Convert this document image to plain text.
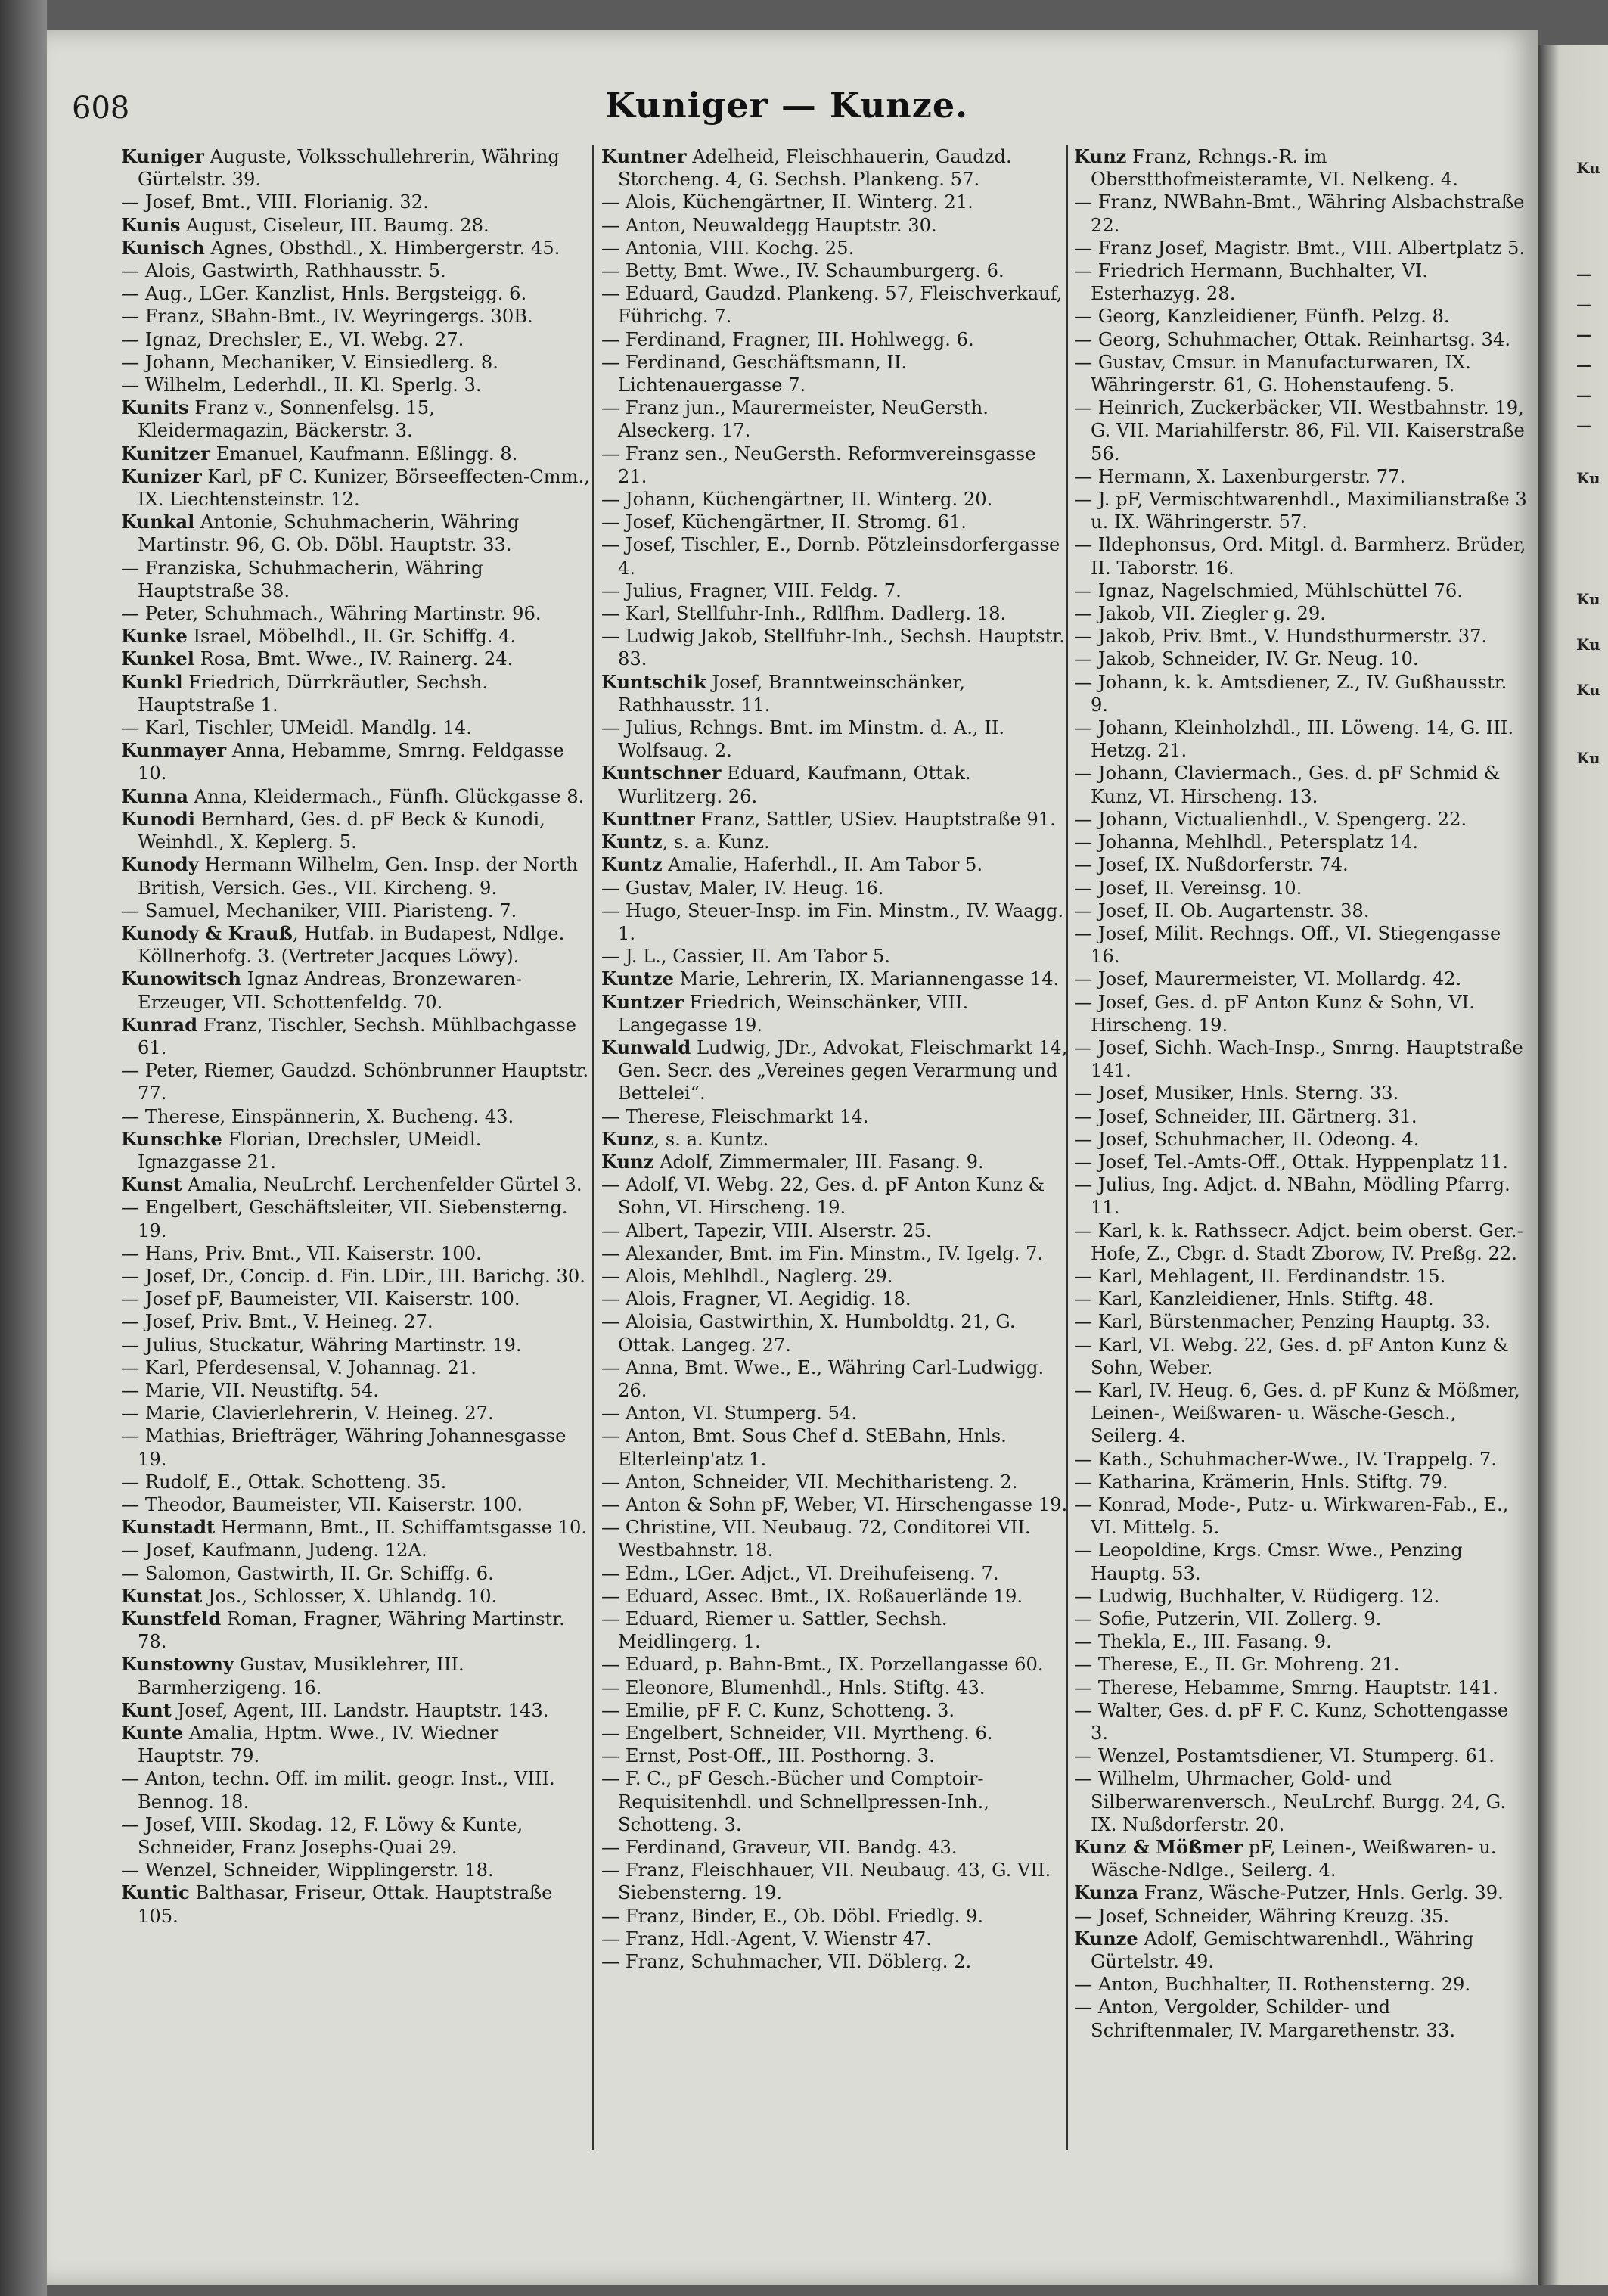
Ku
—
—
—
—
—
—
Ku
Ku
Ku
Ku
Ku
608	Kuniger — Kunze.

Kuniger Auguste, Volksschullehrerin, Währing Gürtelstr. 39.

— Josef, Bmt., VIII. Florianig. 32.

Kunis August, Ciseleur, III. Baumg. 28.

Kunisch Agnes, Obsthdl., X. Himbergerstr. 45.

— Alois, Gastwirth, Rathhausstr. 5.

— Aug., LGer. Kanzlist, Hnls. Bergsteigg. 6.

— Franz, SBahn-Bmt., IV. Weyringergs. 30B.

— Ignaz, Drechsler, E., VI. Webg. 27.

— Johann, Mechaniker, V. Einsiedlerg. 8.

— Wilhelm, Lederhdl., II. Kl. Sperlg. 3.

Kunits Franz v., Sonnenfelsg. 15, Kleidermagazin, Bäckerstr. 3.

Kunitzer Emanuel, Kaufmann. Eßlingg. 8.

Kunizer Karl, pF C. Kunizer, Börseeffecten-Cmm., IX. Liechtensteinstr. 12.

Kunkal Antonie, Schuhmacherin, Währing Martinstr. 96, G. Ob. Döbl. Hauptstr. 33.

— Franziska, Schuhmacherin, Währing Hauptstraße 38.

— Peter, Schuhmach., Währing Martinstr. 96.

Kunke Israel, Möbelhdl., II. Gr. Schiffg. 4.

Kunkel Rosa, Bmt. Wwe., IV. Rainerg. 24.

Kunkl Friedrich, Dürrkräutler, Sechsh. Hauptstraße 1.

— Karl, Tischler, UMeidl. Mandlg. 14.

Kunmayer Anna, Hebamme, Smrng. Feldgasse 10.

Kunna Anna, Kleidermach., Fünfh. Glückgasse 8.

Kunodi Bernhard, Ges. d. pF Beck & Kunodi, Weinhdl., X. Keplerg. 5.

Kunody Hermann Wilhelm, Gen. Insp. der North British, Versich. Ges., VII. Kircheng. 9.

— Samuel, Mechaniker, VIII. Piaristeng. 7.

Kunody & Krauß, Hutfab. in Budapest, Ndlge. Köllnerhofg. 3. (Vertreter Jacques Löwy).

Kunowitsch Ignaz Andreas, Bronzewaren-Erzeuger, VII. Schottenfeldg. 70.

Kunrad Franz, Tischler, Sechsh. Mühlbachgasse 61.

— Peter, Riemer, Gaudzd. Schönbrunner Hauptstr. 77.

— Therese, Einspännerin, X. Bucheng. 43.

Kunschke Florian, Drechsler, UMeidl. Ignazgasse 21.

Kunst Amalia, NeuLrchf. Lerchenfelder Gürtel 3.

— Engelbert, Geschäftsleiter, VII. Siebensterng. 19.

— Hans, Priv. Bmt., VII. Kaiserstr. 100.

— Josef, Dr., Concip. d. Fin. LDir., III. Barichg. 30.

— Josef pF, Baumeister, VII. Kaiserstr. 100.

— Josef, Priv. Bmt., V. Heineg. 27.

— Julius, Stuckatur, Währing Martinstr. 19.

— Karl, Pferdesensal, V. Johannag. 21.

— Marie, VII. Neustiftg. 54.

— Marie, Clavierlehrerin, V. Heineg. 27.

— Mathias, Briefträger, Währing Johannesgasse 19.

— Rudolf, E., Ottak. Schotteng. 35.

— Theodor, Baumeister, VII. Kaiserstr. 100.

Kunstadt Hermann, Bmt., II. Schiffamtsgasse 10.

— Josef, Kaufmann, Judeng. 12A.

— Salomon, Gastwirth, II. Gr. Schiffg. 6.

Kunstat Jos., Schlosser, X. Uhlandg. 10.

Kunstfeld Roman, Fragner, Währing Martinstr. 78.

Kunstowny Gustav, Musiklehrer, III. Barmherzigeng. 16.

Kunt Josef, Agent, III. Landstr. Hauptstr. 143.

Kunte Amalia, Hptm. Wwe., IV. Wiedner Hauptstr. 79.

— Anton, techn. Off. im milit. geogr. Inst., VIII. Bennog. 18.

— Josef, VIII. Skodag. 12, F. Löwy & Kunte, Schneider, Franz Josephs-Quai 29.

— Wenzel, Schneider, Wipplingerstr. 18.

Kuntic Balthasar, Friseur, Ottak. Hauptstraße 105.

Kuntner Adelheid, Fleischhauerin, Gaudzd. Storcheng. 4, G. Sechsh. Plankeng. 57.

— Alois, Küchengärtner, II. Winterg. 21.

— Anton, Neuwaldegg Hauptstr. 30.

— Antonia, VIII. Kochg. 25.

— Betty, Bmt. Wwe., IV. Schaumburgerg. 6.

— Eduard, Gaudzd. Plankeng. 57, Fleischverkauf, Führichg. 7.

— Ferdinand, Fragner, III. Hohlwegg. 6.

— Ferdinand, Geschäftsmann, II. Lichtenauergasse 7.

— Franz jun., Maurermeister, NeuGersth. Alseckerg. 17.

— Franz sen., NeuGersth. Reformvereinsgasse 21.

— Johann, Küchengärtner, II. Winterg. 20.

— Josef, Küchengärtner, II. Stromg. 61.

— Josef, Tischler, E., Dornb. Pötzleinsdorfergasse 4.

— Julius, Fragner, VIII. Feldg. 7.

— Karl, Stellfuhr-Inh., Rdlfhm. Dadlerg. 18.

— Ludwig Jakob, Stellfuhr-Inh., Sechsh. Hauptstr. 83.

Kuntschik Josef, Branntweinschänker, Rathhausstr. 11.

— Julius, Rchngs. Bmt. im Minstm. d. A., II. Wolfsaug. 2.

Kuntschner Eduard, Kaufmann, Ottak. Wurlitzerg. 26.

Kunttner Franz, Sattler, USiev. Hauptstraße 91.

Kuntz, s. a. Kunz.

Kuntz Amalie, Haferhdl., II. Am Tabor 5.

— Gustav, Maler, IV. Heug. 16.

— Hugo, Steuer-Insp. im Fin. Minstm., IV. Waagg. 1.

— J. L., Cassier, II. Am Tabor 5.

Kuntze Marie, Lehrerin, IX. Mariannengasse 14.

Kuntzer Friedrich, Weinschänker, VIII. Langegasse 19.

Kunwald Ludwig, JDr., Advokat, Fleischmarkt 14, Gen. Secr. des „Vereines gegen Verarmung und Bettelei“.

— Therese, Fleischmarkt 14.

Kunz, s. a. Kuntz.

Kunz Adolf, Zimmermaler, III. Fasang. 9.

— Adolf, VI. Webg. 22, Ges. d. pF Anton Kunz & Sohn, VI. Hirscheng. 19.

— Albert, Tapezir, VIII. Alserstr. 25.

— Alexander, Bmt. im Fin. Minstm., IV. Igelg. 7.

— Alois, Mehlhdl., Naglerg. 29.

— Alois, Fragner, VI. Aegidig. 18.

— Aloisia, Gastwirthin, X. Humboldtg. 21, G. Ottak. Langeg. 27.

— Anna, Bmt. Wwe., E., Währing Carl-Ludwigg. 26.

— Anton, VI. Stumperg. 54.

— Anton, Bmt. Sous Chef d. StEBahn, Hnls. Elterleinp'atz 1.

— Anton, Schneider, VII. Mechitharisteng. 2.

— Anton & Sohn pF, Weber, VI. Hirschengasse 19.

— Christine, VII. Neubaug. 72, Conditorei VII. Westbahnstr. 18.

— Edm., LGer. Adjct., VI. Dreihufeiseng. 7.

— Eduard, Assec. Bmt., IX. Roßauerlände 19.

— Eduard, Riemer u. Sattler, Sechsh. Meidlingerg. 1.

— Eduard, p. Bahn-Bmt., IX. Porzellangasse 60.

— Eleonore, Blumenhdl., Hnls. Stiftg. 43.

— Emilie, pF F. C. Kunz, Schotteng. 3.

— Engelbert, Schneider, VII. Myrtheng. 6.

— Ernst, Post-Off., III. Posthorng. 3.

— F. C., pF Gesch.-Bücher und Comptoir-Requisitenhdl. und Schnellpressen-Inh., Schotteng. 3.

— Ferdinand, Graveur, VII. Bandg. 43.

— Franz, Fleischhauer, VII. Neubaug. 43, G. VII. Siebensterng. 19.

— Franz, Binder, E., Ob. Döbl. Friedlg. 9.

— Franz, Hdl.-Agent, V. Wienstr 47.

— Franz, Schuhmacher, VII. Döblerg. 2.

Kunz Franz, Rchngs.-R. im Oberstthofmeisteramte, VI. Nelkeng. 4.

— Franz, NWBahn-Bmt., Währing Alsbachstraße 22.

— Franz Josef, Magistr. Bmt., VIII. Albertplatz 5.

— Friedrich Hermann, Buchhalter, VI. Esterhazyg. 28.

— Georg, Kanzleidiener, Fünfh. Pelzg. 8.

— Georg, Schuhmacher, Ottak. Reinhartsg. 34.

— Gustav, Cmsur. in Manufacturwaren, IX. Währingerstr. 61, G. Hohenstaufeng. 5.

— Heinrich, Zuckerbäcker, VII. Westbahnstr. 19, G. VII. Mariahilferstr. 86, Fil. VII. Kaiserstraße 56.

— Hermann, X. Laxenburgerstr. 77.

— J. pF, Vermischtwarenhdl., Maximilianstraße 3 u. IX. Währingerstr. 57.

— Ildephonsus, Ord. Mitgl. d. Barmherz. Brüder, II. Taborstr. 16.

— Ignaz, Nagelschmied, Mühlschüttel 76.

— Jakob, VII. Ziegler g. 29.

— Jakob, Priv. Bmt., V. Hundsthurmerstr. 37.

— Jakob, Schneider, IV. Gr. Neug. 10.

— Johann, k. k. Amtsdiener, Z., IV. Gußhausstr. 9.

— Johann, Kleinholzhdl., III. Löweng. 14, G. III. Hetzg. 21.

— Johann, Claviermach., Ges. d. pF Schmid & Kunz, VI. Hirscheng. 13.

— Johann, Victualienhdl., V. Spengerg. 22.

— Johanna, Mehlhdl., Petersplatz 14.

— Josef, IX. Nußdorferstr. 74.

— Josef, II. Vereinsg. 10.

— Josef, II. Ob. Augartenstr. 38.

— Josef, Milit. Rechngs. Off., VI. Stiegengasse 16.

— Josef, Maurermeister, VI. Mollardg. 42.

— Josef, Ges. d. pF Anton Kunz & Sohn, VI. Hirscheng. 19.

— Josef, Sichh. Wach-Insp., Smrng. Hauptstraße 141.

— Josef, Musiker, Hnls. Sterng. 33.

— Josef, Schneider, III. Gärtnerg. 31.

— Josef, Schuhmacher, II. Odeong. 4.

— Josef, Tel.-Amts-Off., Ottak. Hyppenplatz 11.

— Julius, Ing. Adjct. d. NBahn, Mödling Pfarrg. 11.

— Karl, k. k. Rathssecr. Adjct. beim oberst. Ger.-Hofe, Z., Cbgr. d. Stadt Zborow, IV. Preßg. 22.

— Karl, Mehlagent, II. Ferdinandstr. 15.

— Karl, Kanzleidiener, Hnls. Stiftg. 48.

— Karl, Bürstenmacher, Penzing Hauptg. 33.

— Karl, VI. Webg. 22, Ges. d. pF Anton Kunz & Sohn, Weber.

— Karl, IV. Heug. 6, Ges. d. pF Kunz & Mößmer, Leinen-, Weißwaren- u. Wäsche-Gesch., Seilerg. 4.

— Kath., Schuhmacher-Wwe., IV. Trappelg. 7.

— Katharina, Krämerin, Hnls. Stiftg. 79.

— Konrad, Mode-, Putz- u. Wirkwaren-Fab., E., VI. Mittelg. 5.

— Leopoldine, Krgs. Cmsr. Wwe., Penzing Hauptg. 53.

— Ludwig, Buchhalter, V. Rüdigerg. 12.

— Sofie, Putzerin, VII. Zollerg. 9.

— Thekla, E., III. Fasang. 9.

— Therese, E., II. Gr. Mohreng. 21.

— Therese, Hebamme, Smrng. Hauptstr. 141.

— Walter, Ges. d. pF F. C. Kunz, Schottengasse 3.

— Wenzel, Postamtsdiener, VI. Stumperg. 61.

— Wilhelm, Uhrmacher, Gold- und Silberwarenversch., NeuLrchf. Burgg. 24, G. IX. Nußdorferstr. 20.

Kunz & Mößmer pF, Leinen-, Weißwaren- u. Wäsche-Ndlge., Seilerg. 4.

Kunza Franz, Wäsche-Putzer, Hnls. Gerlg. 39.

— Josef, Schneider, Währing Kreuzg. 35.

Kunze Adolf, Gemischtwarenhdl., Währing Gürtelstr. 49.

— Anton, Buchhalter, II. Rothensterng. 29.

— Anton, Vergolder, Schilder- und Schriftenmaler, IV. Margarethenstr. 33.
